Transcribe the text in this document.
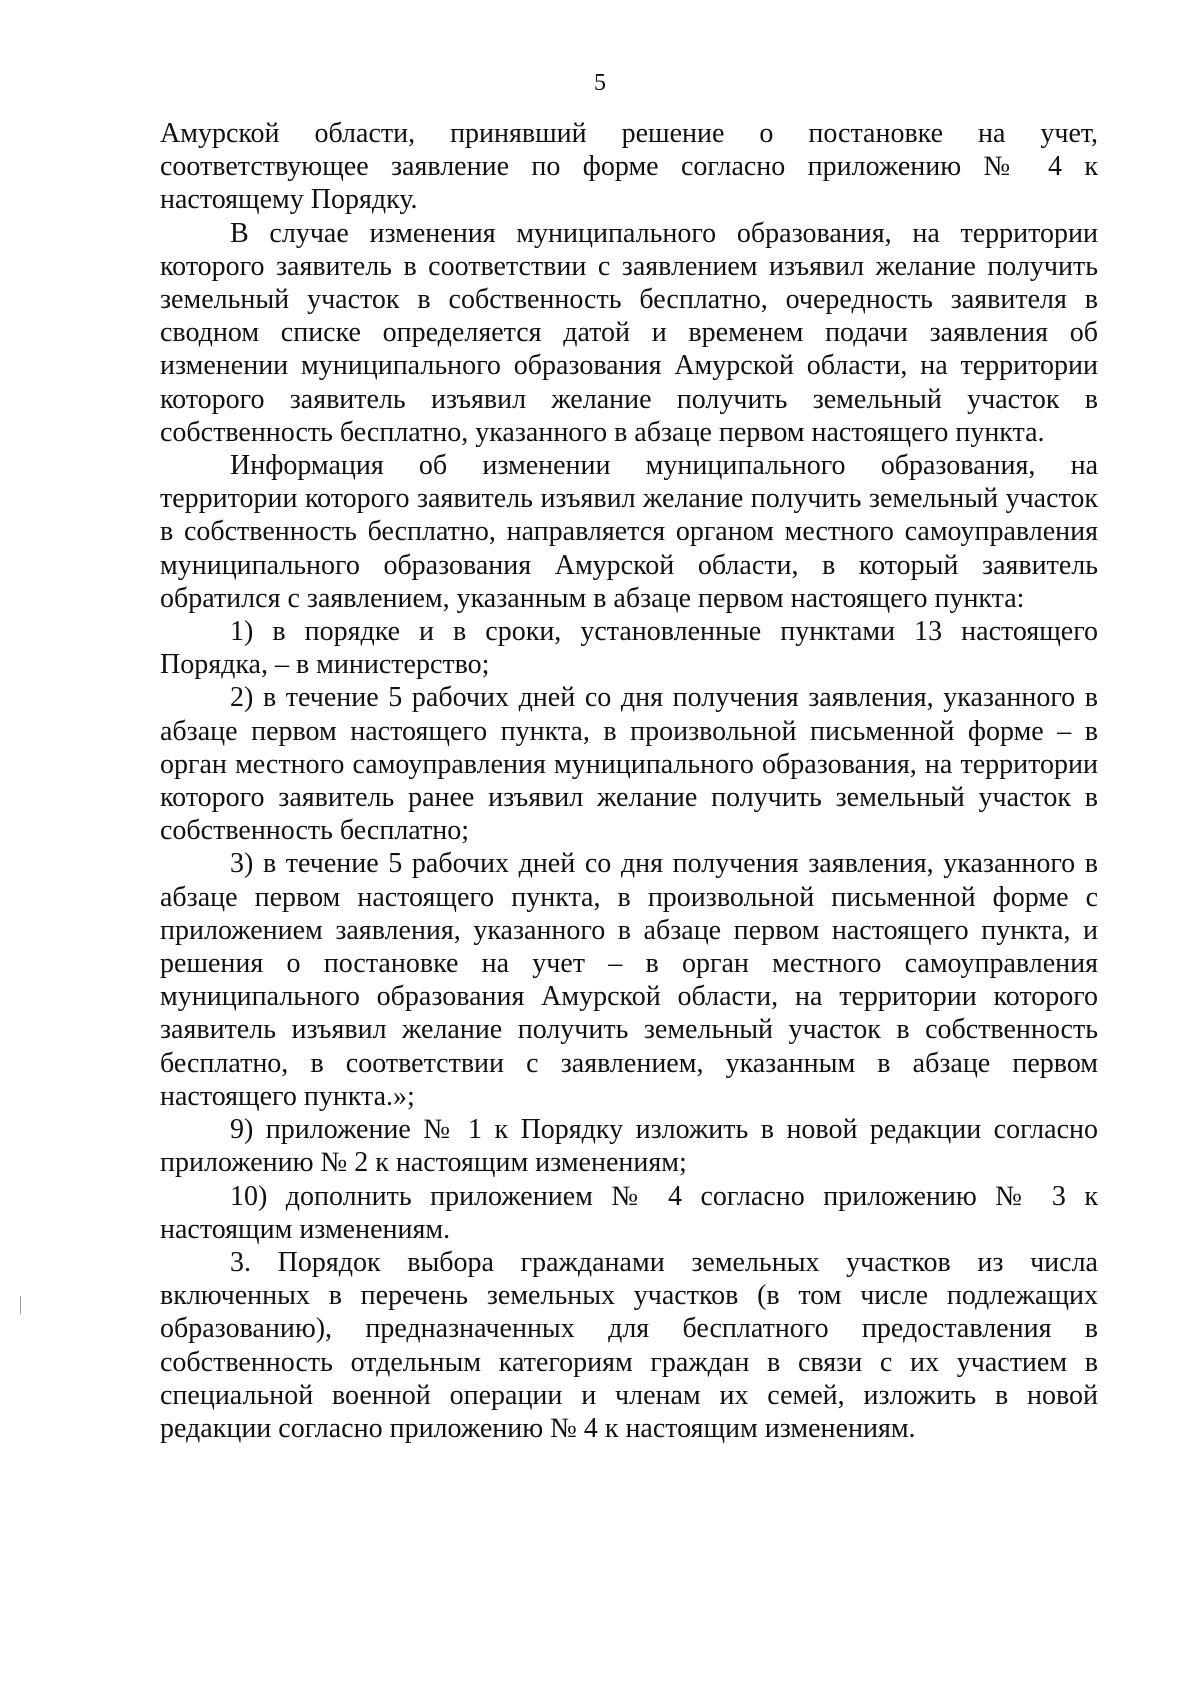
5

Амурской области, принявший решение о постановке на учет, соответствующее заявление по форме согласно приложению № 4 к настоящему Порядку.

В случае изменения муниципального образования, на территории которого заявитель в соответствии с заявлением изъявил желание получить земельный участок в собственность бесплатно, очередность заявителя в сводном списке определяется датой и временем подачи заявления об изменении муниципального образования Амурской области, на территории которого заявитель изъявил желание получить земельный участок в собственность бесплатно, указанного в абзаце первом настоящего пункта.

Информация об изменении муниципального образования, на территории которого заявитель изъявил желание получить земельный участок в собственность бесплатно, направляется органом местного самоуправления муниципального образования Амурской области, в который заявитель обратился с заявлением, указанным в абзаце первом настоящего пункта:

1) в порядке и в сроки, установленные пунктами 13 настоящего Порядка, – в министерство;

2) в течение 5 рабочих дней со дня получения заявления, указанного в абзаце первом настоящего пункта, в произвольной письменной форме – в орган местного самоуправления муниципального образования, на территории которого заявитель ранее изъявил желание получить земельный участок в собственность бесплатно;

3) в течение 5 рабочих дней со дня получения заявления, указанного в абзаце первом настоящего пункта, в произвольной письменной форме с приложением заявления, указанного в абзаце первом настоящего пункта, и решения о постановке на учет – в орган местного самоуправления муниципального образования Амурской области, на территории которого заявитель изъявил желание получить земельный участок в собственность бесплатно, в соответствии с заявлением, указанным в абзаце первом настоящего пункта.»;

9) приложение № 1 к Порядку изложить в новой редакции согласно приложению № 2 к настоящим изменениям;

10) дополнить приложением № 4 согласно приложению № 3 к настоящим изменениям.

3. Порядок выбора гражданами земельных участков из числа включенных в перечень земельных участков (в том числе подлежащих образованию), предназначенных для бесплатного предоставления в собственность отдельным категориям граждан в связи с их участием в специальной военной операции и членам их семей, изложить в новой редакции согласно приложению № 4 к настоящим изменениям.
